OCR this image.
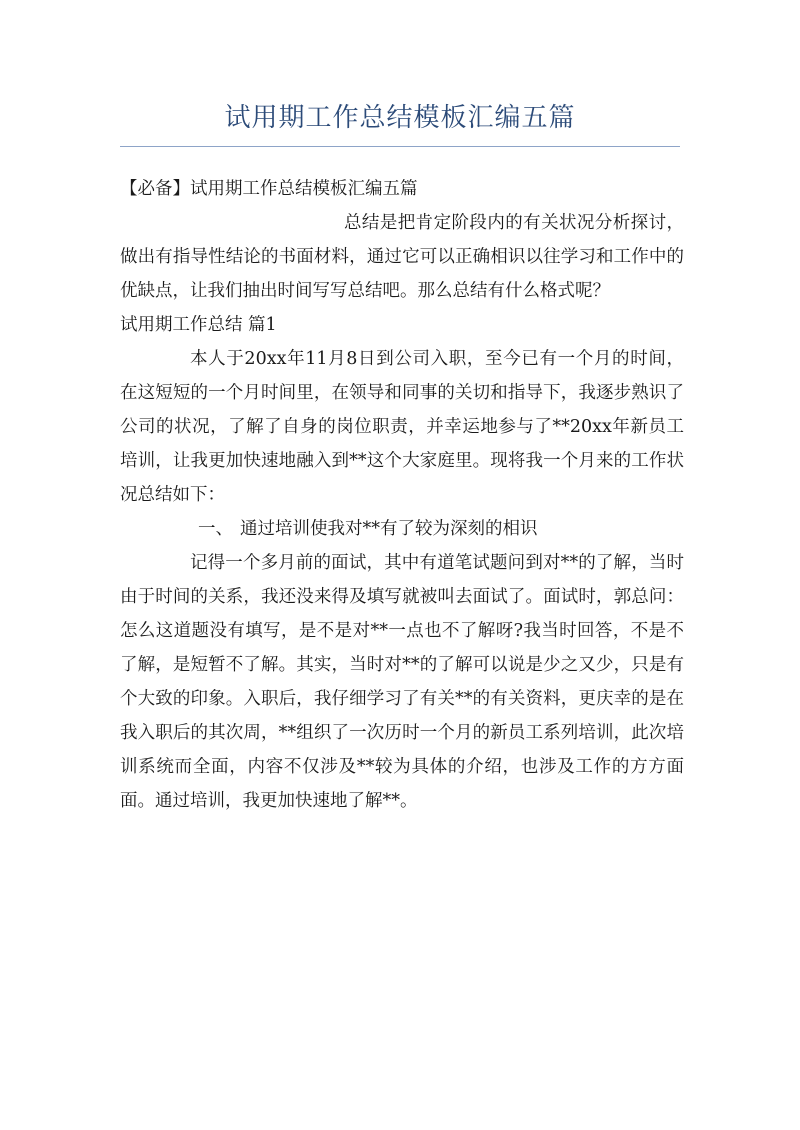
试用期工作总结模板汇编五篇

【必备】试用期工作总结模板汇编五篇

总结是把肯定阶段内的有关状况分析探讨，做出有指导性结论的书面材料，通过它可以正确相识以往学习和工作中的优缺点，让我们抽出时间写写总结吧。那么总结有什么格式呢？

试用期工作总结 篇1

本人于20xx年11月8日到公司入职，至今已有一个月的时间，在这短短的一个月时间里，在领导和同事的关切和指导下，我逐步熟识了公司的状况，了解了自身的岗位职责，并幸运地参与了**20xx年新员工培训，让我更加快速地融入到**这个大家庭里。现将我一个月来的工作状况总结如下：

一、 通过培训使我对**有了较为深刻的相识

记得一个多月前的面试，其中有道笔试题问到对**的了解，当时由于时间的关系，我还没来得及填写就被叫去面试了。面试时，郭总问：怎么这道题没有填写，是不是对**一点也不了解呀?我当时回答，不是不了解，是短暂不了解。其实，当时对**的了解可以说是少之又少，只是有个大致的印象。入职后，我仔细学习了有关**的有关资料，更庆幸的是在我入职后的其次周，**组织了一次历时一个月的新员工系列培训，此次培训系统而全面，内容不仅涉及**较为具体的介绍，也涉及工作的方方面面。通过培训，我更加快速地了解**。
